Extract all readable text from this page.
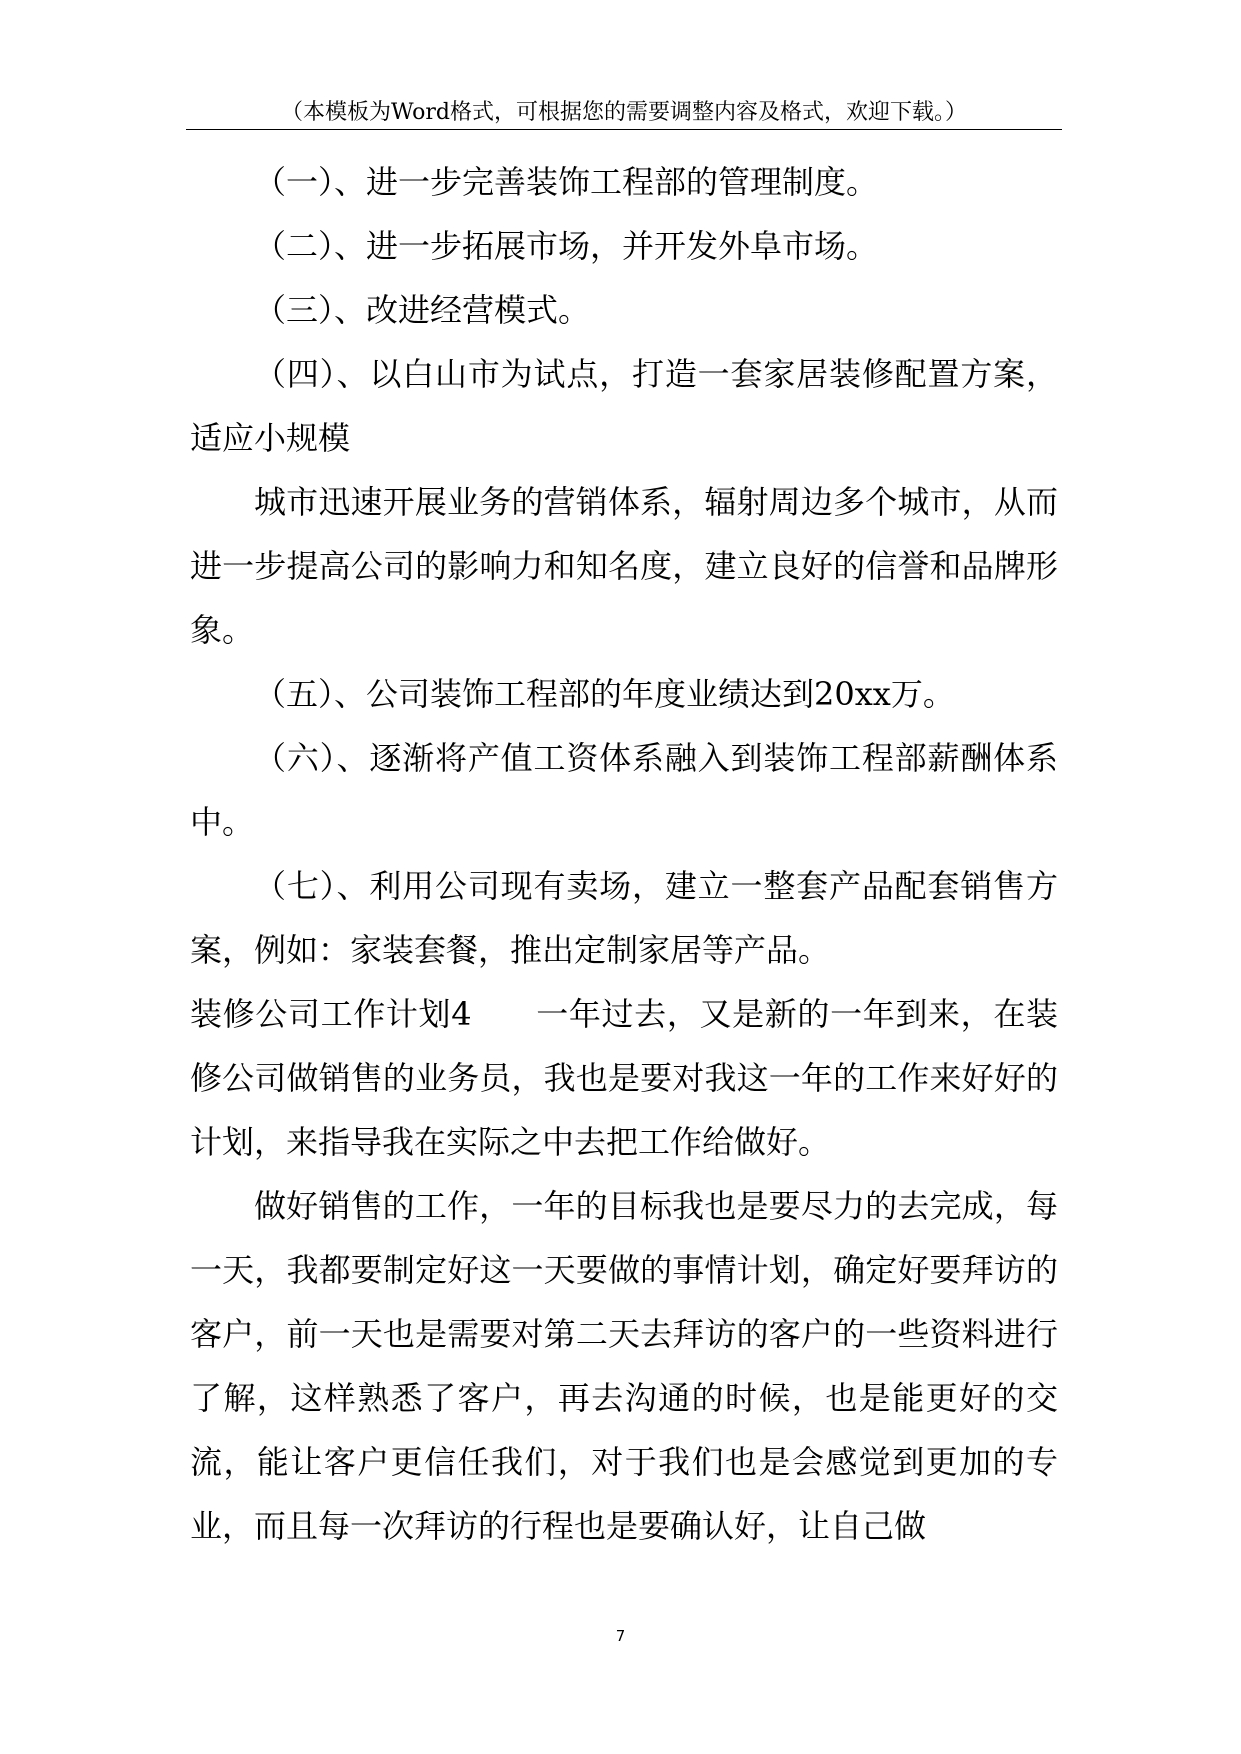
（本模板为Word格式，可根据您的需要调整内容及格式，欢迎下载。）

（一）、进一步完善装饰工程部的管理制度。

（二）、进一步拓展市场，并开发外阜市场。

（三）、改进经营模式。

（四）、以白山市为试点，打造一套家居装修配置方案，适应小规模

城市迅速开展业务的营销体系，辐射周边多个城市，从而进一步提高公司的影响力和知名度，建立良好的信誉和品牌形象。

（五）、公司装饰工程部的年度业绩达到20xx万。

（六）、逐渐将产值工资体系融入到装饰工程部薪酬体系中。

（七）、利用公司现有卖场，建立一整套产品配套销售方案，例如：家装套餐，推出定制家居等产品。

装修公司工作计划4 一年过去，又是新的一年到来，在装修公司做销售的业务员，我也是要对我这一年的工作来好好的计划，来指导我在实际之中去把工作给做好。

做好销售的工作，一年的目标我也是要尽力的去完成，每一天，我都要制定好这一天要做的事情计划，确定好要拜访的客户，前一天也是需要对第二天去拜访的客户的一些资料进行了解，这样熟悉了客户，再去沟通的时候，也是能更好的交流，能让客户更信任我们，对于我们也是会感觉到更加的专业，而且每一次拜访的行程也是要确认好，让自己做

7
